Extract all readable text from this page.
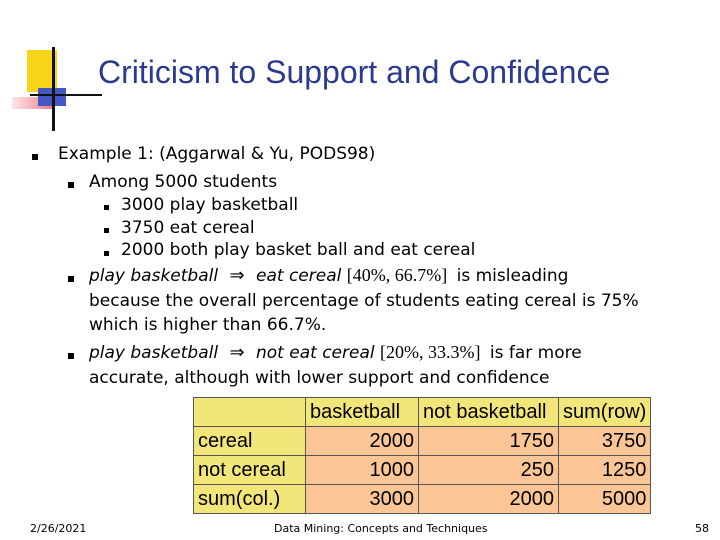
Criticism to Support and Confidence
Example 1: (Aggarwal & Yu, PODS98)
Among 5000 students
3000 play basketball
3750 eat cereal
2000 both play basket ball and eat cereal
play basketball ⇒ eat cereal [40%, 66.7%] is misleading
because the overall percentage of students eating cereal is 75%
which is higher than 66.7%.
play basketball ⇒ not eat cereal [20%, 33.3%] is far more
accurate, although with lower support and confidence
	basketball	not basketball	sum(row)
cereal	2000	1750	3750
not cereal	1000	250	1250
sum(col.)	3000	2000	5000
2/26/2021	Data Mining: Concepts and Techniques	58
